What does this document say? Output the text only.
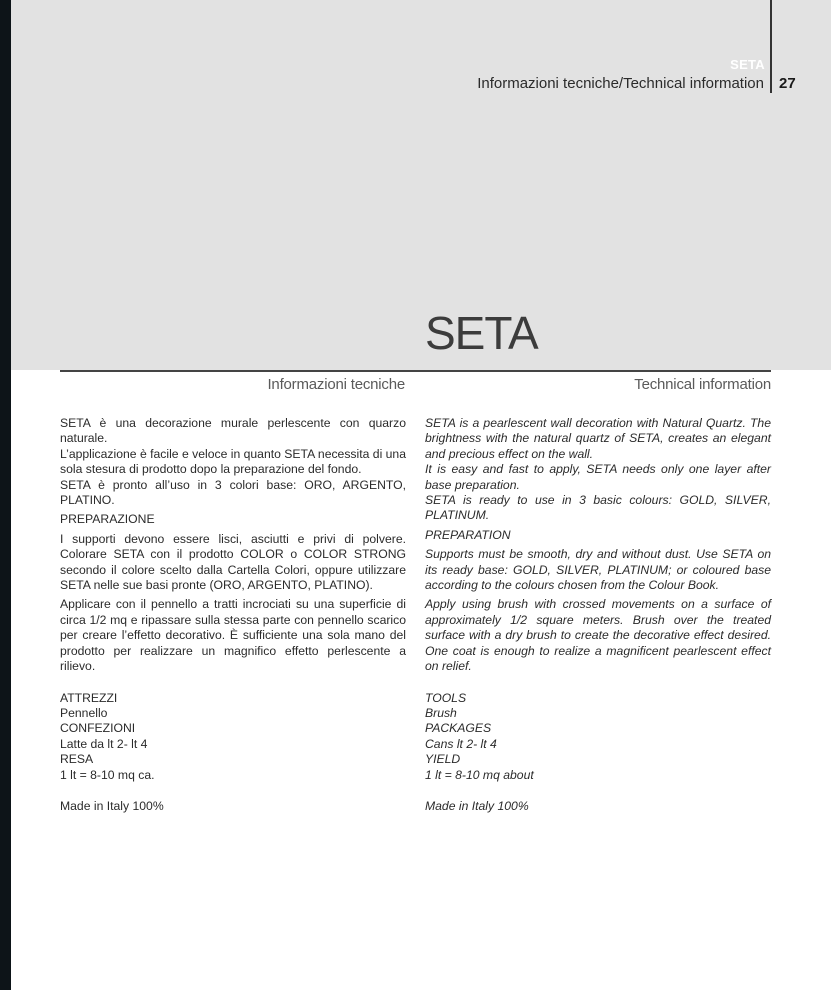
SETA
Informazioni tecniche/Technical information 27
SETA
Informazioni tecniche	Technical information

SETA è una decorazione murale perlescente con quarzo naturale.

L’applicazione è facile e veloce in quanto SETA necessita di una sola stesura di prodotto dopo la preparazione del fondo.

SETA è pronto all’uso in 3 colori base: ORO, ARGENTO, PLATINO.

PREPARAZIONE

I supporti devono essere lisci, asciutti e privi di polvere. Colorare SETA con il prodotto COLOR o COLOR STRONG secondo il colore scelto dalla Cartella Colori, oppure utilizzare SETA nelle sue basi pronte (ORO, ARGENTO, PLATINO).

Applicare con il pennello a tratti incrociati su una superficie di circa 1/2 mq e ripassare sulla stessa parte con pennello scarico per creare l’effetto decorativo. È sufficiente una sola mano del prodotto per realizzare un magnifico effetto perlescente a rilievo.

ATTREZZI
Pennello
CONFEZIONI
Latte da lt 2- lt 4
RESA
1 lt = 8-10 mq ca.

Made in Italy 100%

SETA is a pearlescent wall decoration with Natural Quartz. The brightness with the natural quartz of SETA, creates an elegant and precious effect on the wall.

It is easy and fast to apply, SETA needs only one layer after base preparation.

SETA is ready to use in 3 basic colours: GOLD, SILVER, PLATINUM.

PREPARATION

Supports must be smooth, dry and without dust. Use SETA on its ready base: GOLD, SILVER, PLATINUM; or coloured base according to the colours chosen from the Colour Book.

Apply using brush with crossed movements on a surface of approximately 1/2 square meters. Brush over the treated surface with a dry brush to create the decorative effect desired. One coat is enough to realize a magnificent pearlescent effect on relief.

TOOLS
Brush
PACKAGES
Cans lt 2- lt 4
YIELD
1 lt = 8-10 mq about

Made in Italy 100%
